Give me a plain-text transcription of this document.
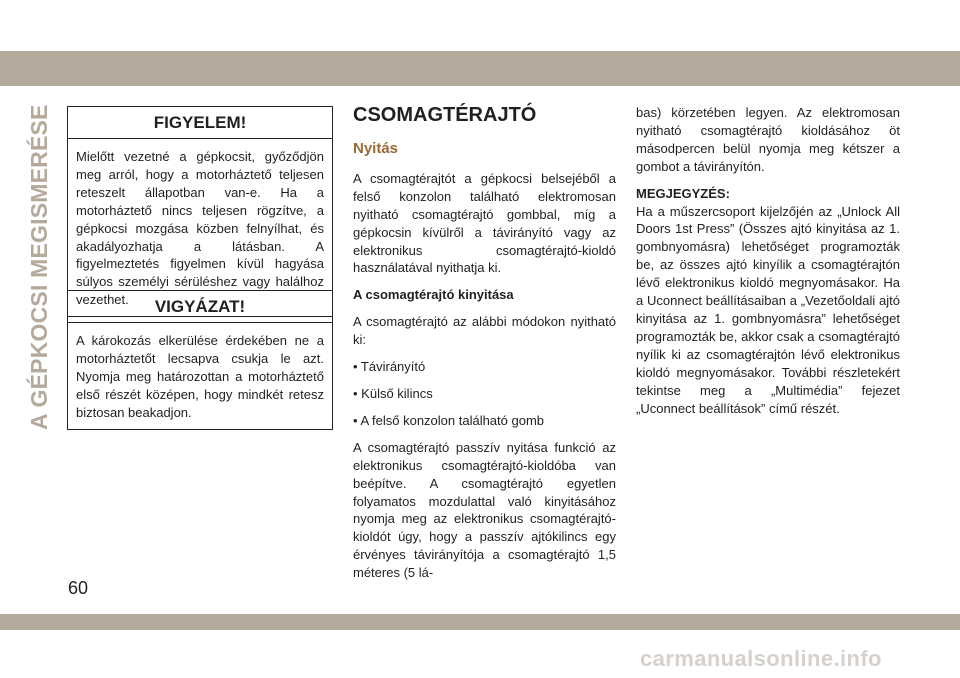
A GÉPKOCSI MEGISMERÉSE	FIGYELEM!
Mielőtt vezetné a gépkocsit, győződjön meg arról, hogy a motorháztető teljesen reteszelt állapotban van-e. Ha a motorháztető nincs teljesen rögzítve, a gépkocsi mozgása közben felnyílhat, és akadályozhatja a látásban. A figyelmeztetés figyelmen kívül hagyása súlyos személyi sérüléshez vagy halálhoz vezethet.	VIGYÁZAT!
A károkozás elkerülése érdekében ne a motorháztetőt lecsapva csukja le azt. Nyomja meg határozottan a motorháztető első részét középen, hogy mindkét retesz biztosan beakadjon.
CSOMAGTÉRAJTÓ
Nyitás

A csomagtérajtót a gépkocsi belsejéből a felső konzolon található elektromosan nyitható csomagtérajtó gombbal, míg a gépkocsin kívülről a távirányító vagy az elektronikus csomagtérajtó-kioldó használatával nyithatja ki.

A csomagtérajtó kinyitása

A csomagtérajtó az alábbi módokon nyitható ki:

• Távirányító

• Külső kilincs

• A felső konzolon található gomb

A csomagtérajtó passzív nyitása funkció az elektronikus csomagtérajtó-kioldóba van beépítve. A csomagtérajtó egyetlen folyamatos mozdulattal való kinyitásához nyomja meg az elektronikus csomagtérajtó-kioldót úgy, hogy a passzív ajtókilincs egy érvényes távirányítója a csomagtérajtó 1,5 méteres (5 lá-

bas) körzetében legyen. Az elektromosan nyitható csomagtérajtó kioldásához öt másodpercen belül nyomja meg kétszer a gombot a távirányítón.

MEGJEGYZÉS:

Ha a műszercsoport kijelzőjén az „Unlock All Doors 1st Press” (Összes ajtó kinyitása az 1. gombnyomásra) lehetőséget programozták be, az összes ajtó kinyílik a csomagtérajtón lévő elektronikus kioldó megnyomásakor. Ha a Uconnect beállításaiban a „Vezetőoldali ajtó kinyitása az 1. gombnyomásra” lehetőséget programozták be, akkor csak a csomagtérajtó nyílik ki az csomagtérajtón lévő elektronikus kioldó megnyomásakor. További részletekért tekintse meg a „Multimédia” fejezet „Uconnect beállítások” című részét.

60
carmanualsonline.info
